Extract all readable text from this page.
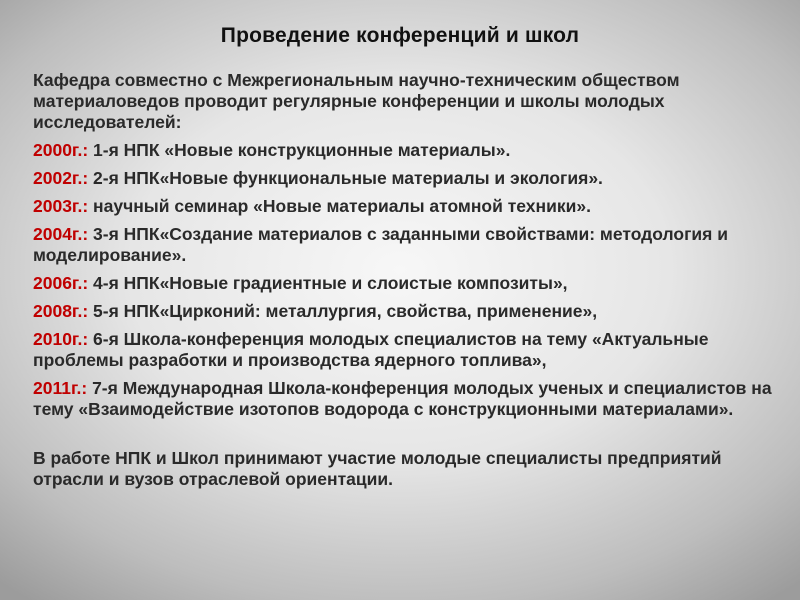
Проведение конференций и школ

Кафедра совместно с Межрегиональным научно-техническим обществом материаловедов проводит регулярные конференции и школы молодых исследователей:

2000г.: 1-я НПК «Новые конструкционные материалы».

2002г.: 2-я НПК«Новые функциональные материалы и экология».

2003г.: научный семинар «Новые материалы атомной техники».

2004г.: 3-я НПК«Создание материалов с заданными свойствами: методология и моделирование».

2006г.: 4-я НПК«Новые градиентные и слоистые композиты»,

2008г.: 5-я НПК«Цирконий: металлургия, свойства, применение»,

2010г.: 6-я Школа-конференция молодых специалистов на тему «Актуальные проблемы разработки и производства ядерного топлива»,

2011г.: 7-я Международная Школа-конференция молодых ученых и специалистов на тему «Взаимодействие изотопов водорода с конструкционными материалами».

В работе НПК и Школ принимают участие молодые специалисты предприятий отрасли и вузов отраслевой ориентации.
